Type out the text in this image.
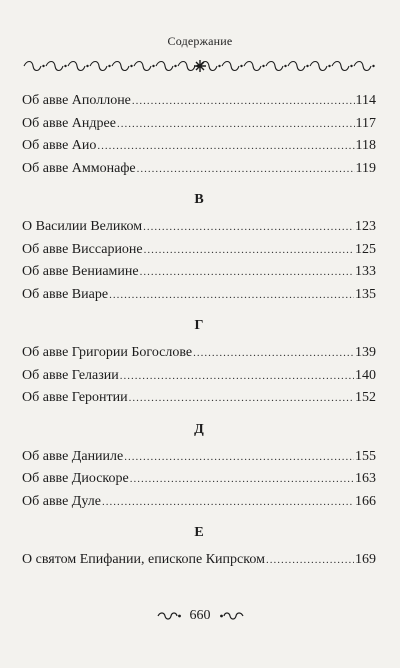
Содержание
Об авве Аполлоне .....	114
Об авве Андрее .....	117
Об авве Аио .....	118
Об авве Аммонафе .....	119
В
О Василии Великом .....	123
Об авве Виссарионе .....	125
Об авве Вениамине .....	133
Об авве Виаре .....	135
Г
Об авве Григории Богослове .....	139
Об авве Гелазии .....	140
Об авве Геронтии .....	152
Д
Об авве Данииле .....	155
Об авве Диоскоре .....	163
Об авве Дуле .....	166
Е
О святом Епифании, епископе Кипрском .....	169
660
